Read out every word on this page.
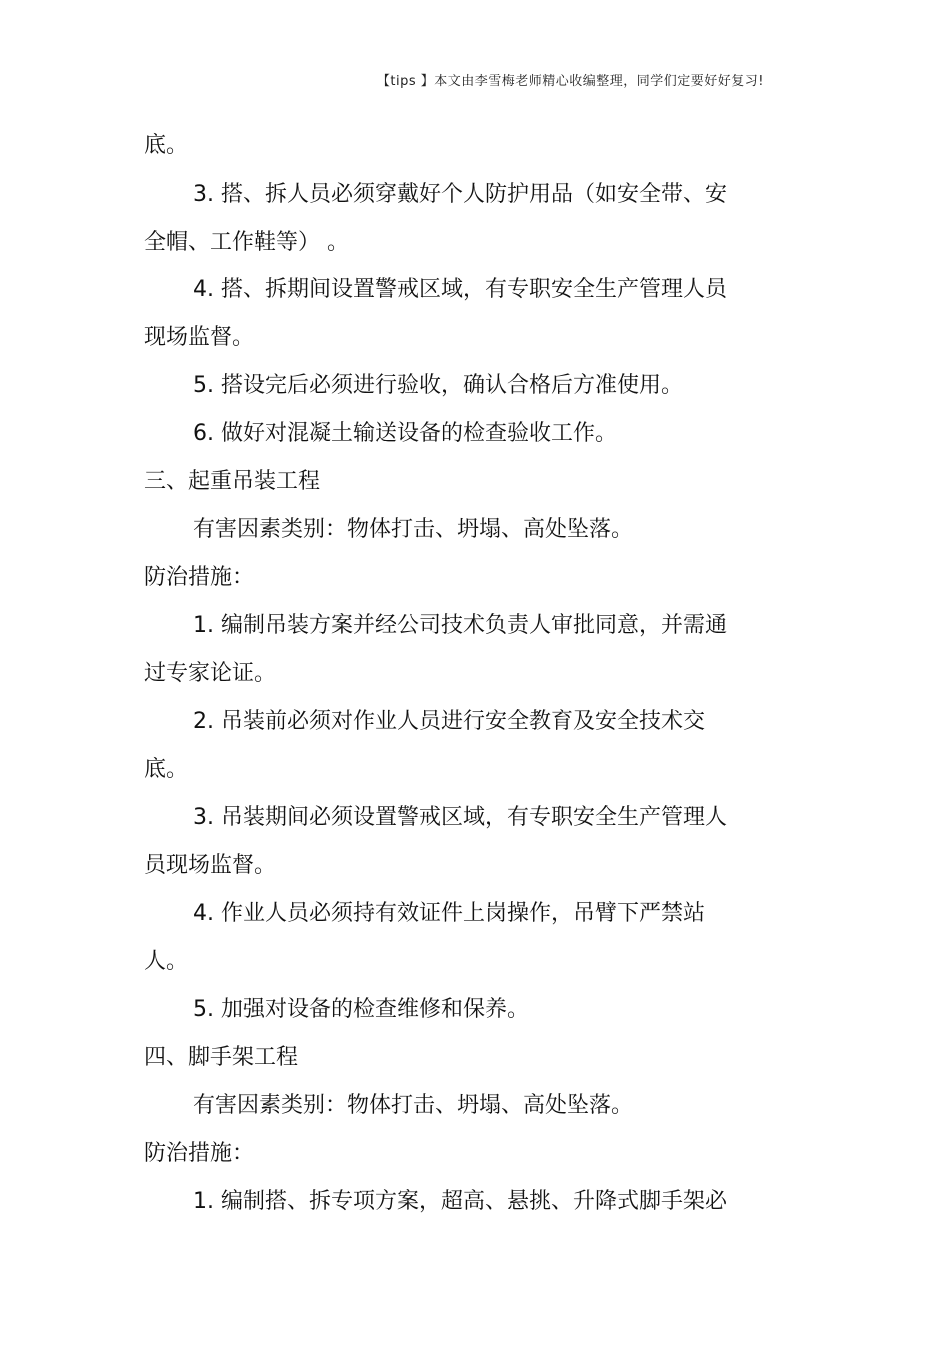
【tips 】本文由李雪梅老师精心收编整理，同学们定要好好复习!
底。
3. 搭、拆人员必须穿戴好个人防护用品（如安全带、安
全帽、工作鞋等） 。
4. 搭、拆期间设置警戒区域，有专职安全生产管理人员
现场监督。
5. 搭设完后必须进行验收，确认合格后方准使用。
6. 做好对混凝土输送设备的检查验收工作。
三、起重吊装工程
有害因素类别：物体打击、坍塌、高处坠落。
防治措施：
1. 编制吊装方案并经公司技术负责人审批同意，并需通
过专家论证。
2. 吊装前必须对作业人员进行安全教育及安全技术交
底。
3. 吊装期间必须设置警戒区域，有专职安全生产管理人
员现场监督。
4. 作业人员必须持有效证件上岗操作，吊臂下严禁站
人。
5. 加强对设备的检查维修和保养。
四、脚手架工程
有害因素类别：物体打击、坍塌、高处坠落。
防治措施：
1. 编制搭、拆专项方案，超高、悬挑、升降式脚手架必
